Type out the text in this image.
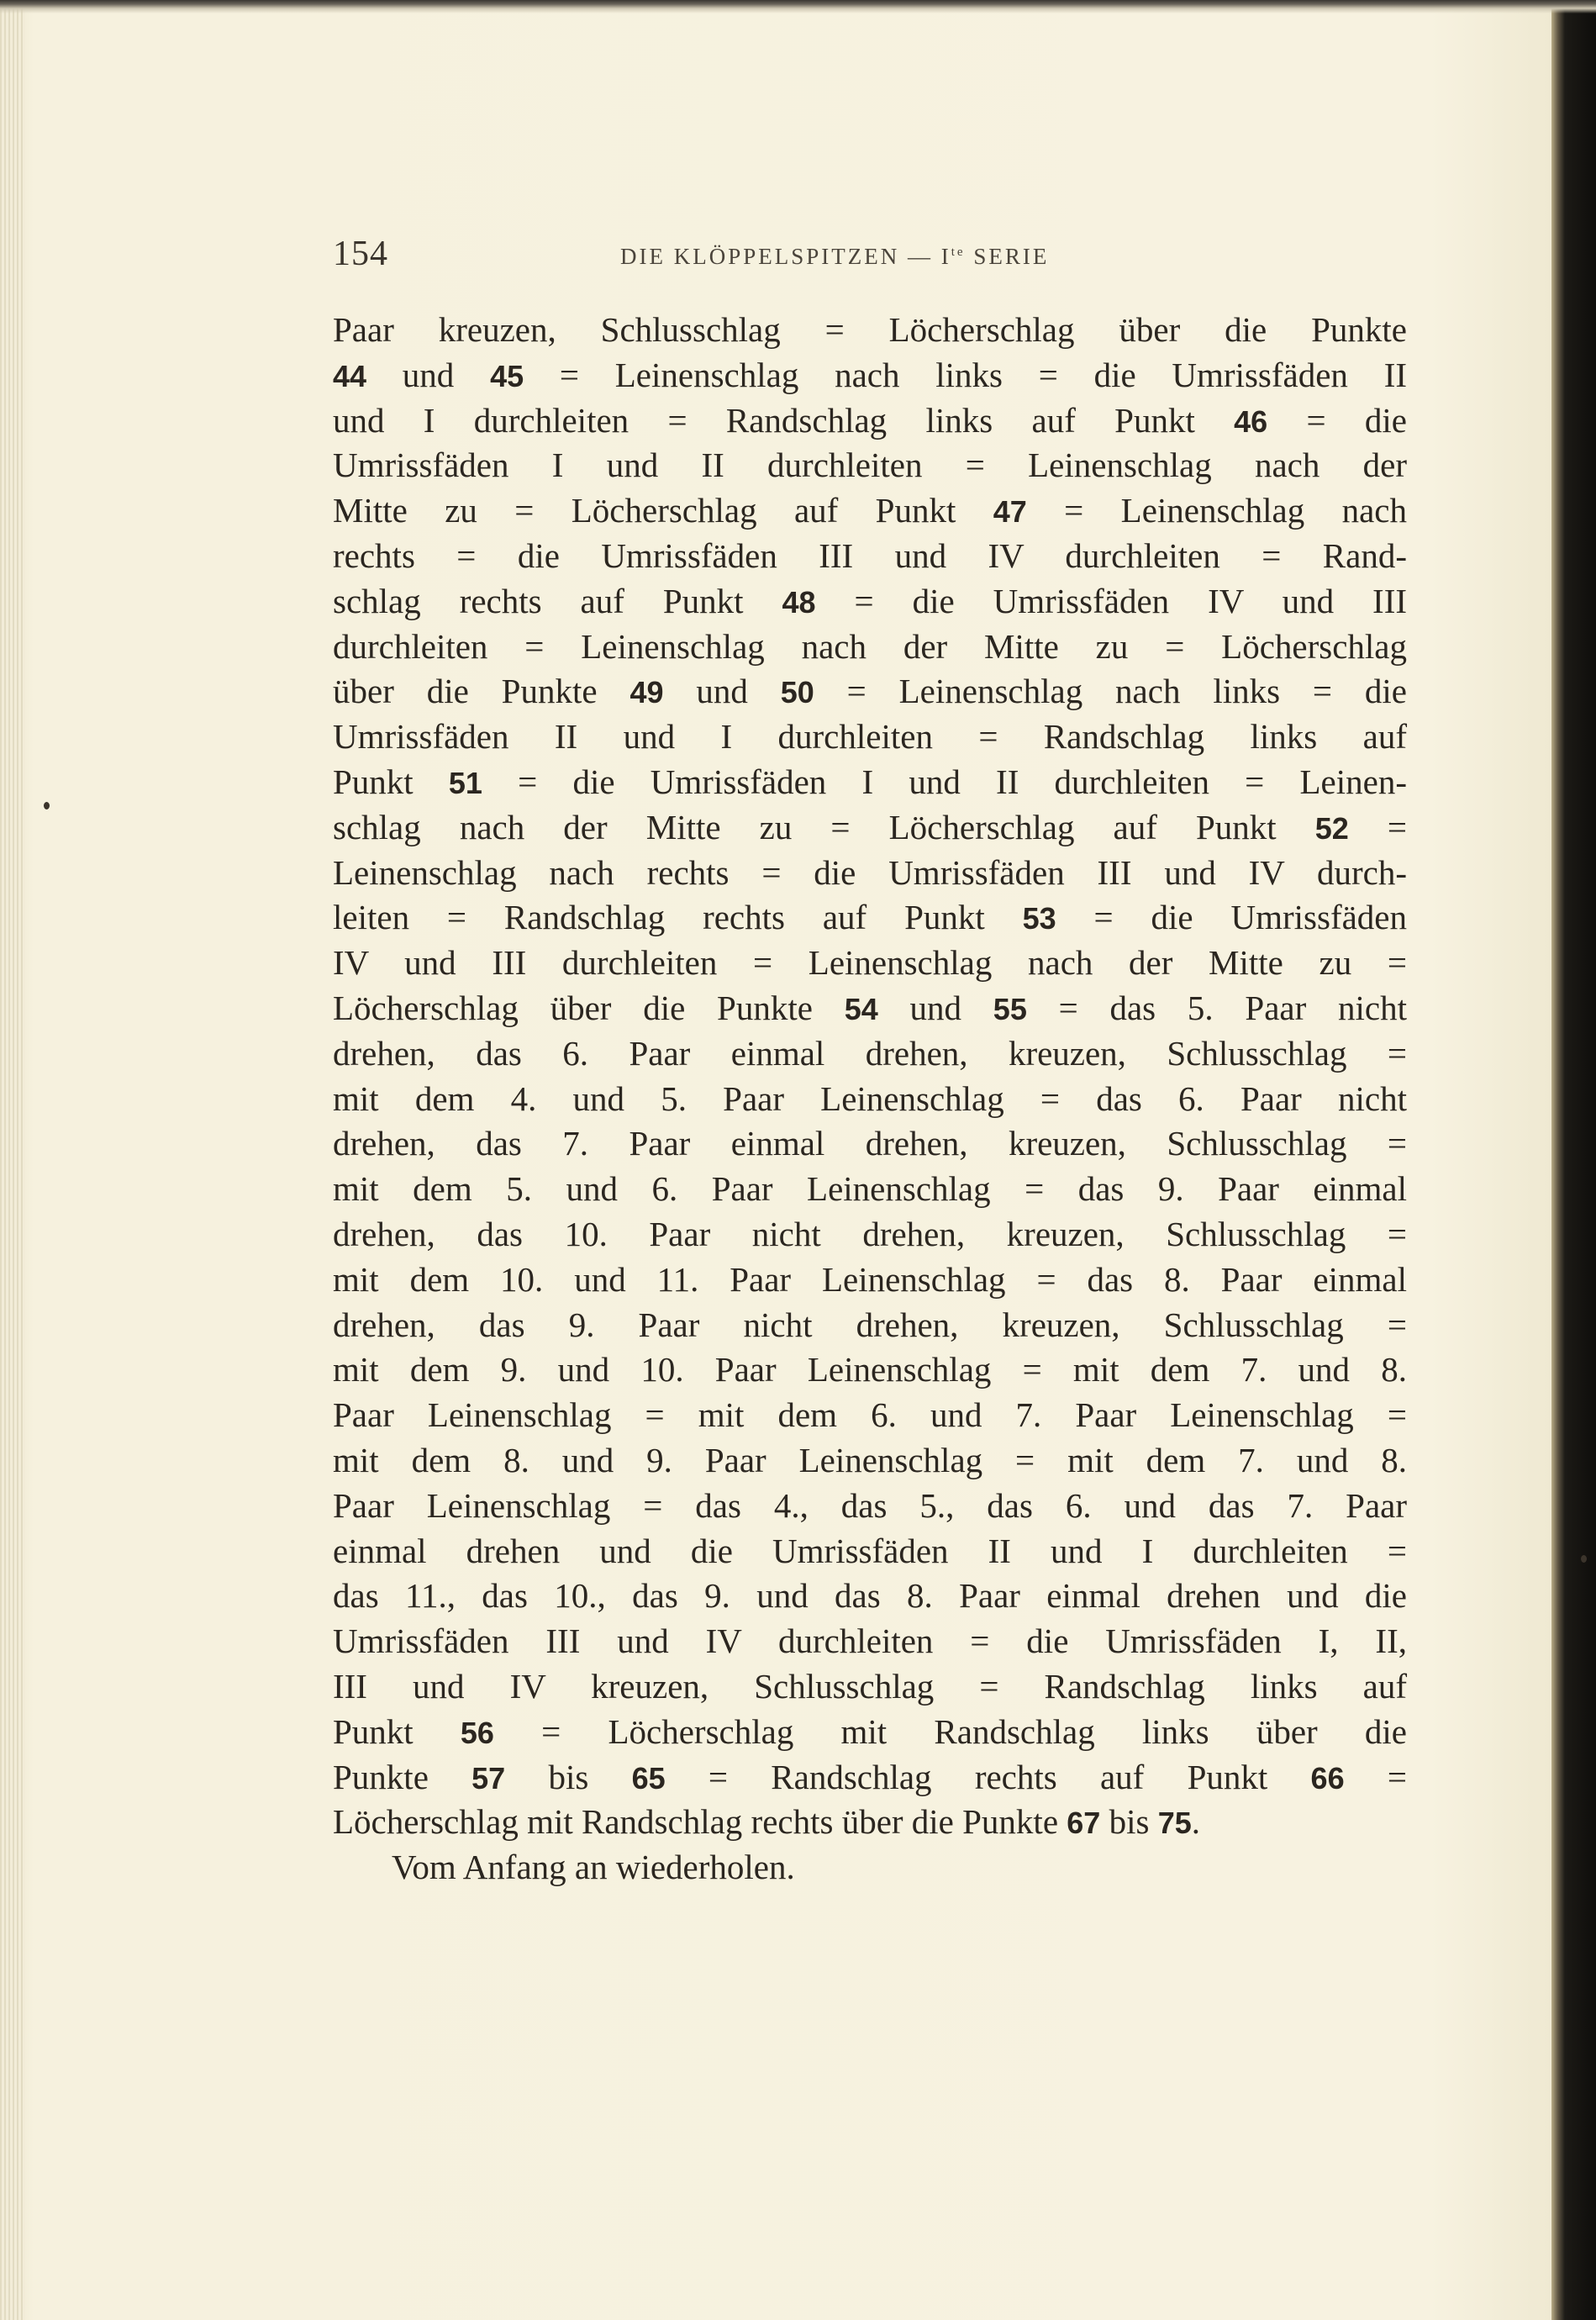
154	DIE KLÖPPELSPITZEN — $I^{te}$ SERIE
Paar kreuzen, Schlusschlag = Löcherschlag über die Punkte
44 und 45 = Leinenschlag nach links = die Umrissfäden II
und I durchleiten = Randschlag links auf Punkt 46 = die
Umrissfäden I und II durchleiten = Leinenschlag nach der
Mitte zu = Löcherschlag auf Punkt 47 = Leinenschlag nach
rechts = die Umrissfäden III und IV durchleiten = Rand-
schlag rechts auf Punkt 48 = die Umrissfäden IV und III
durchleiten = Leinenschlag nach der Mitte zu = Löcherschlag
über die Punkte 49 und 50 = Leinenschlag nach links = die
Umrissfäden II und I durchleiten = Randschlag links auf
Punkt 51 = die Umrissfäden I und II durchleiten = Leinen-
schlag nach der Mitte zu = Löcherschlag auf Punkt 52 =
Leinenschlag nach rechts = die Umrissfäden III und IV durch-
leiten = Randschlag rechts auf Punkt 53 = die Umrissfäden
IV und III durchleiten = Leinenschlag nach der Mitte zu =
Löcherschlag über die Punkte 54 und 55 = das 5. Paar nicht
drehen, das 6. Paar einmal drehen, kreuzen, Schlusschlag =
mit dem 4. und 5. Paar Leinenschlag = das 6. Paar nicht
drehen, das 7. Paar einmal drehen, kreuzen, Schlusschlag =
mit dem 5. und 6. Paar Leinenschlag = das 9. Paar einmal
drehen, das 10. Paar nicht drehen, kreuzen, Schlusschlag =
mit dem 10. und 11. Paar Leinenschlag = das 8. Paar einmal
drehen, das 9. Paar nicht drehen, kreuzen, Schlusschlag =
mit dem 9. und 10. Paar Leinenschlag = mit dem 7. und 8.
Paar Leinenschlag = mit dem 6. und 7. Paar Leinenschlag =
mit dem 8. und 9. Paar Leinenschlag = mit dem 7. und 8.
Paar Leinenschlag = das 4., das 5., das 6. und das 7. Paar
einmal drehen und die Umrissfäden II und I durchleiten =
das 11., das 10., das 9. und das 8. Paar einmal drehen und die
Umrissfäden III und IV durchleiten = die Umrissfäden I, II,
III und IV kreuzen, Schlusschlag = Randschlag links auf
Punkt 56 = Löcherschlag mit Randschlag links über die
Punkte 57 bis 65 = Randschlag rechts auf Punkt 66 =
Löcherschlag mit Randschlag rechts über die Punkte 67 bis 75.
Vom Anfang an wiederholen.
